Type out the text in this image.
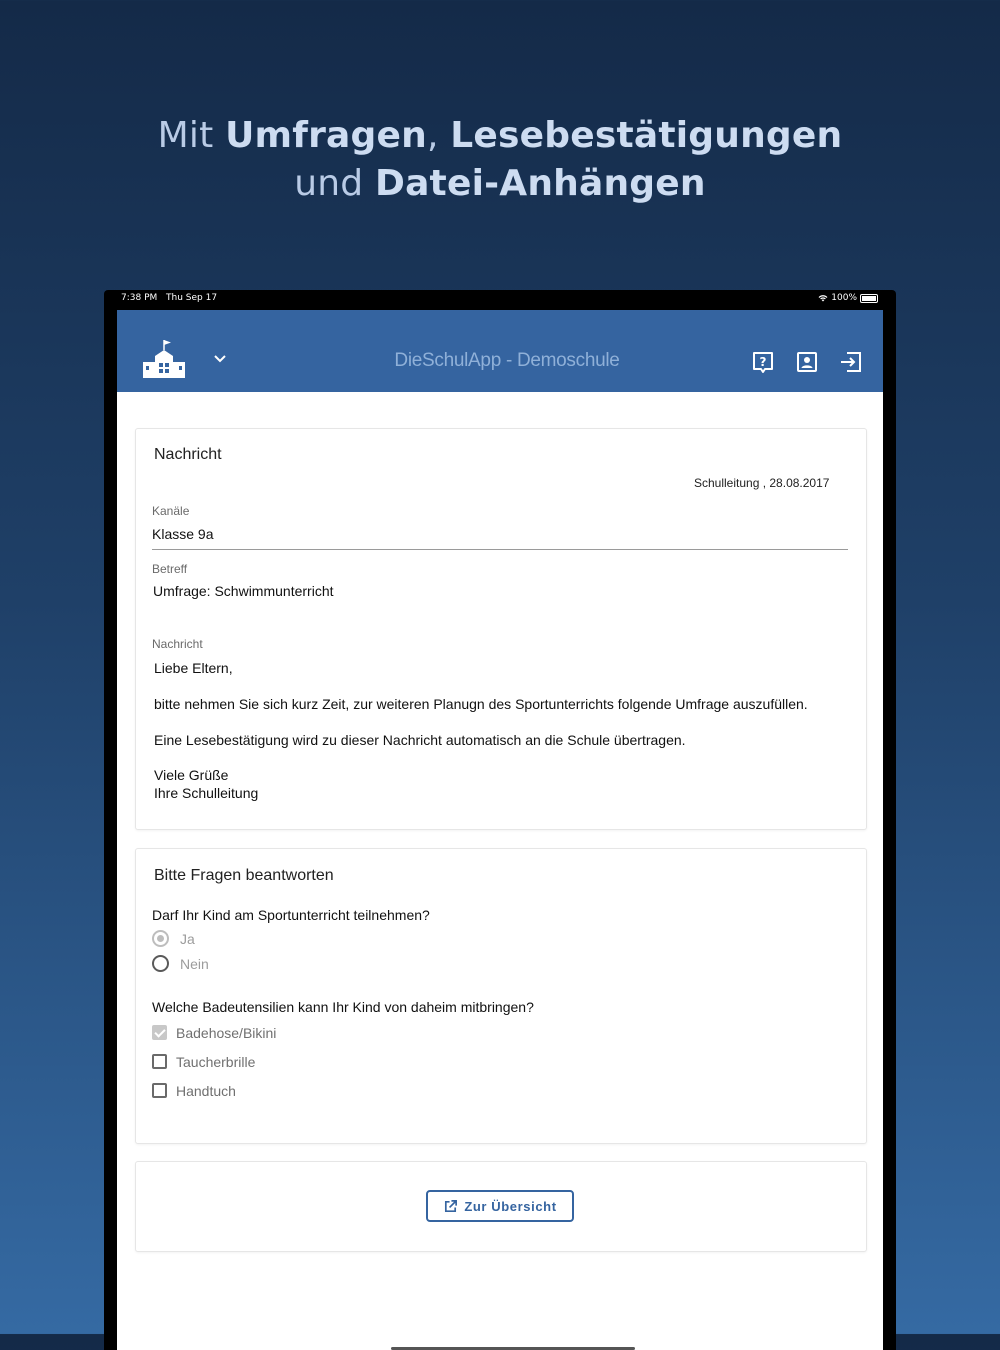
Mit Umfragen, Lesebestätigungen
und Datei-Anhängen
7:38 PM Thu Sep 17	100%
DieSchulApp - Demoschule	?
Nachricht
Schulleitung , 28.08.2017
Kanäle
Klasse 9a
Betreff
Umfrage: Schwimmunterricht
Nachricht
Liebe Eltern,
bitte nehmen Sie sich kurz Zeit, zur weiteren Planugn des Sportunterrichts folgende Umfrage auszufüllen.
Eine Lesebestätigung wird zu dieser Nachricht automatisch an die Schule übertragen.
Viele Grüße
Ihre Schulleitung
Bitte Fragen beantworten
Darf Ihr Kind am Sportunterricht teilnehmen?
Ja
Nein
Welche Badeutensilien kann Ihr Kind von daheim mitbringen?
Badehose/Bikini
Taucherbrille
Handtuch
Zur Übersicht
